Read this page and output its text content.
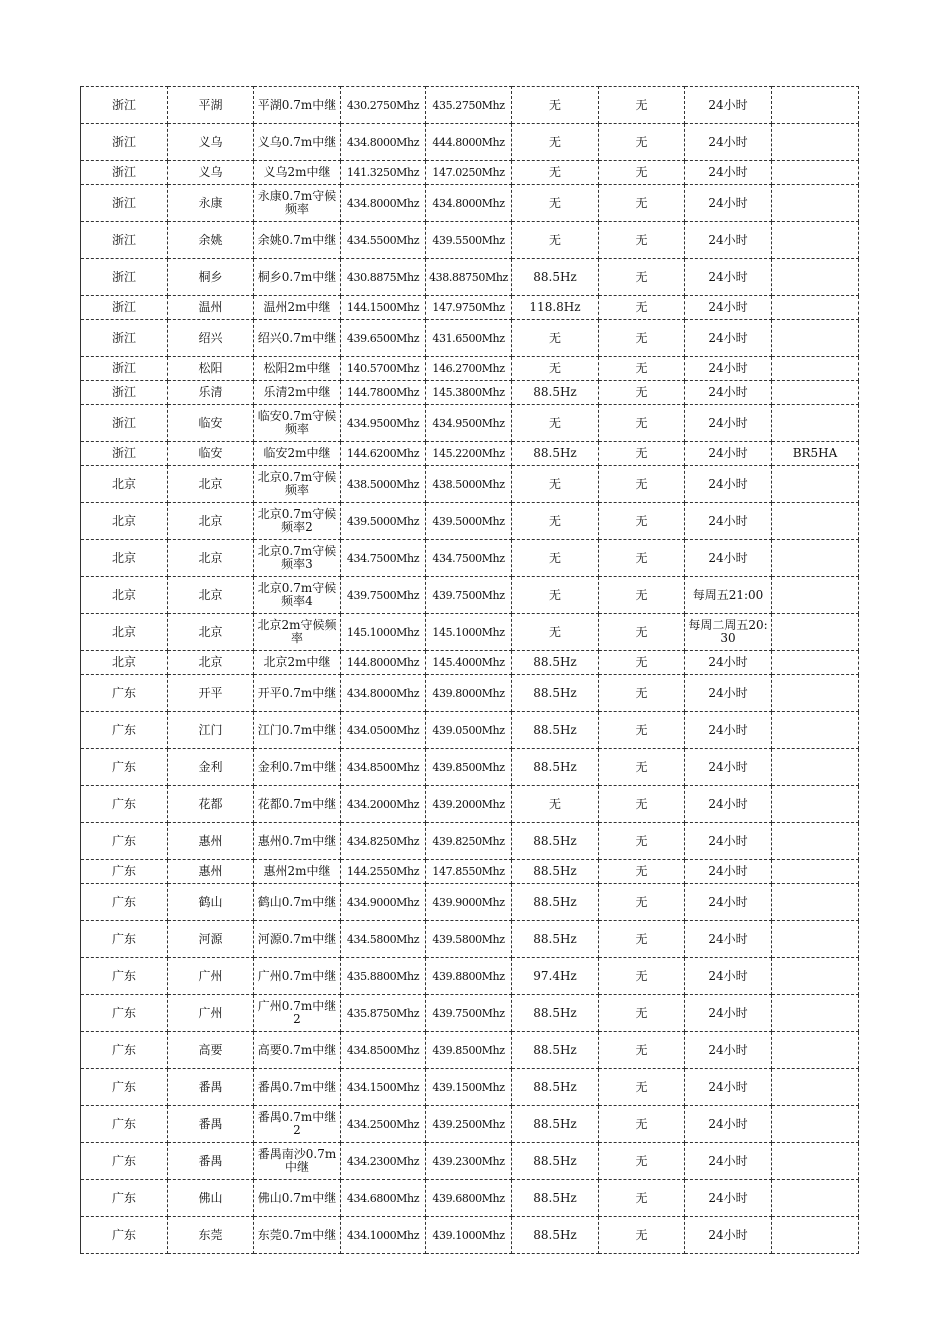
浙江	平湖	平湖0.7m中继	430.2750Mhz	435.2750Mhz	无	无	24小时	
浙江	义乌	义乌0.7m中继	434.8000Mhz	444.8000Mhz	无	无	24小时	
浙江	义乌	义乌2m中继	141.3250Mhz	147.0250Mhz	无	无	24小时	
浙江	永康	永康0.7m守候频率	434.8000Mhz	434.8000Mhz	无	无	24小时	
浙江	余姚	余姚0.7m中继	434.5500Mhz	439.5500Mhz	无	无	24小时	
浙江	桐乡	桐乡0.7m中继	430.8875Mhz	438.88750Mhz	88.5Hz	无	24小时	
浙江	温州	温州2m中继	144.1500Mhz	147.9750Mhz	118.8Hz	无	24小时	
浙江	绍兴	绍兴0.7m中继	439.6500Mhz	431.6500Mhz	无	无	24小时	
浙江	松阳	松阳2m中继	140.5700Mhz	146.2700Mhz	无	无	24小时	
浙江	乐清	乐清2m中继	144.7800Mhz	145.3800Mhz	88.5Hz	无	24小时	
浙江	临安	临安0.7m守候频率	434.9500Mhz	434.9500Mhz	无	无	24小时	
浙江	临安	临安2m中继	144.6200Mhz	145.2200Mhz	88.5Hz	无	24小时	BR5HA
北京	北京	北京0.7m守候频率	438.5000Mhz	438.5000Mhz	无	无	24小时	
北京	北京	北京0.7m守候频率2	439.5000Mhz	439.5000Mhz	无	无	24小时	
北京	北京	北京0.7m守候频率3	434.7500Mhz	434.7500Mhz	无	无	24小时	
北京	北京	北京0.7m守候频率4	439.7500Mhz	439.7500Mhz	无	无	每周五21:00	
北京	北京	北京2m守候频率	145.1000Mhz	145.1000Mhz	无	无	每周二周五20:30	
北京	北京	北京2m中继	144.8000Mhz	145.4000Mhz	88.5Hz	无	24小时	
广东	开平	开平0.7m中继	434.8000Mhz	439.8000Mhz	88.5Hz	无	24小时	
广东	江门	江门0.7m中继	434.0500Mhz	439.0500Mhz	88.5Hz	无	24小时	
广东	金利	金利0.7m中继	434.8500Mhz	439.8500Mhz	88.5Hz	无	24小时	
广东	花都	花都0.7m中继	434.2000Mhz	439.2000Mhz	无	无	24小时	
广东	惠州	惠州0.7m中继	434.8250Mhz	439.8250Mhz	88.5Hz	无	24小时	
广东	惠州	惠州2m中继	144.2550Mhz	147.8550Mhz	88.5Hz	无	24小时	
广东	鹤山	鹤山0.7m中继	434.9000Mhz	439.9000Mhz	88.5Hz	无	24小时	
广东	河源	河源0.7m中继	434.5800Mhz	439.5800Mhz	88.5Hz	无	24小时	
广东	广州	广州0.7m中继	435.8800Mhz	439.8800Mhz	97.4Hz	无	24小时	
广东	广州	广州0.7m中继2	435.8750Mhz	439.7500Mhz	88.5Hz	无	24小时	
广东	高要	高要0.7m中继	434.8500Mhz	439.8500Mhz	88.5Hz	无	24小时	
广东	番禺	番禺0.7m中继	434.1500Mhz	439.1500Mhz	88.5Hz	无	24小时	
广东	番禺	番禺0.7m中继2	434.2500Mhz	439.2500Mhz	88.5Hz	无	24小时	
广东	番禺	番禺南沙0.7m中继	434.2300Mhz	439.2300Mhz	88.5Hz	无	24小时	
广东	佛山	佛山0.7m中继	434.6800Mhz	439.6800Mhz	88.5Hz	无	24小时	
广东	东莞	东莞0.7m中继	434.1000Mhz	439.1000Mhz	88.5Hz	无	24小时	
